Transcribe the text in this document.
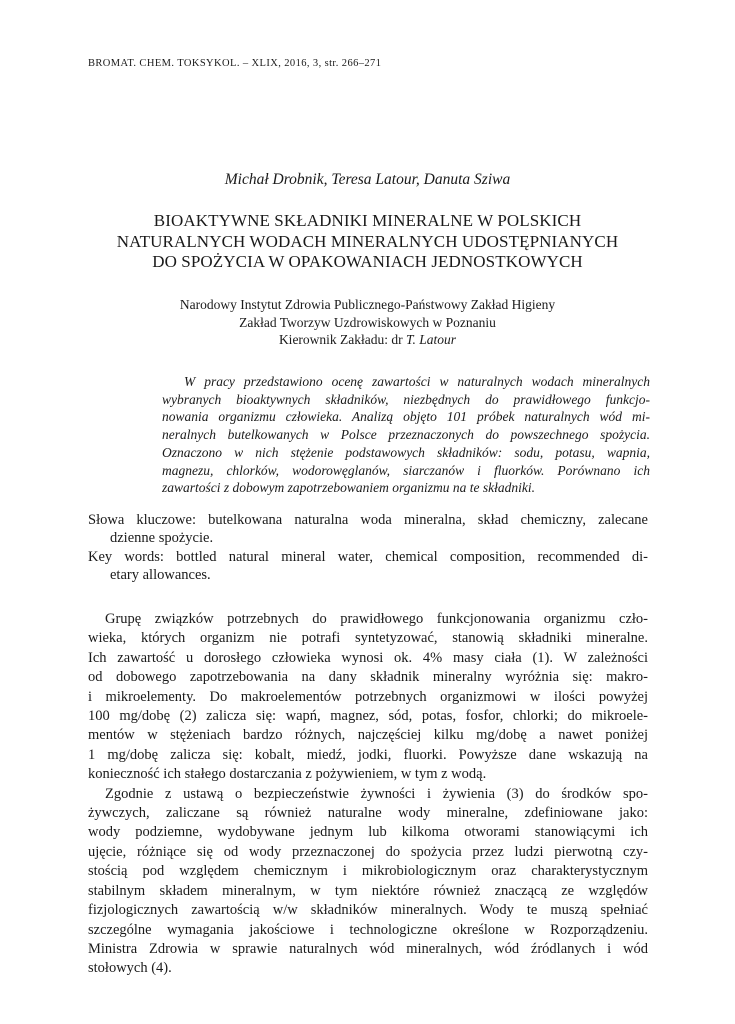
BROMAT. CHEM. TOKSYKOL. – XLIX, 2016, 3, str. 266–271
Michał Drobnik, Teresa Latour, Danuta Sziwa
BIOAKTYWNE SKŁADNIKI MINERALNE W POLSKICH
NATURALNYCH WODACH MINERALNYCH UDOSTĘPNIANYCH
DO SPOŻYCIA W OPAKOWANIACH JEDNOSTKOWYCH
Narodowy Instytut Zdrowia Publicznego-Państwowy Zakład Higieny
Zakład Tworzyw Uzdrowiskowych w Poznaniu
Kierownik Zakładu: dr T. Latour
W pracy przedstawiono ocenę zawartości w naturalnych wodach mineralnych
wybranych bioaktywnych składników, niezbędnych do prawidłowego funkcjo-
nowania organizmu człowieka. Analizą objęto 101 próbek naturalnych wód mi-
neralnych butelkowanych w Polsce przeznaczonych do powszechnego spożycia.
Oznaczono w nich stężenie podstawowych składników: sodu, potasu, wapnia,
magnezu, chlorków, wodorowęglanów, siarczanów i fluorków. Porównano ich
zawartości z dobowym zapotrzebowaniem organizmu na te składniki.
Słowa kluczowe: butelkowana naturalna woda mineralna, skład chemiczny, zalecane
dzienne spożycie.
Key words: bottled natural mineral water, chemical composition, recommended di-
etary allowances.
Grupę związków potrzebnych do prawidłowego funkcjonowania organizmu czło-
wieka, których organizm nie potrafi syntetyzować, stanowią składniki mineralne.
Ich zawartość u dorosłego człowieka wynosi ok. 4% masy ciała (1). W zależności
od dobowego zapotrzebowania na dany składnik mineralny wyróżnia się: makro-
i mikroelementy. Do makroelementów potrzebnych organizmowi w ilości powyżej
100 mg/dobę (2) zalicza się: wapń, magnez, sód, potas, fosfor, chlorki; do mikroele-
mentów w stężeniach bardzo różnych, najczęściej kilku mg/dobę a nawet poniżej
1 mg/dobę zalicza się: kobalt, miedź, jodki, fluorki. Powyższe dane wskazują na
konieczność ich stałego dostarczania z pożywieniem, w tym z wodą.
Zgodnie z ustawą o bezpieczeństwie żywności i żywienia (3) do środków spo-
żywczych, zaliczane są również naturalne wody mineralne, zdefiniowane jako:
wody podziemne, wydobywane jednym lub kilkoma otworami stanowiącymi ich
ujęcie, różniące się od wody przeznaczonej do spożycia przez ludzi pierwotną czy-
stością pod względem chemicznym i mikrobiologicznym oraz charakterystycznym
stabilnym składem mineralnym, w tym niektóre również znaczącą ze względów
fizjologicznych zawartością w/w składników mineralnych. Wody te muszą spełniać
szczególne wymagania jakościowe i technologiczne określone w Rozporządzeniu.
Ministra Zdrowia w sprawie naturalnych wód mineralnych, wód źródlanych i wód
stołowych (4).
